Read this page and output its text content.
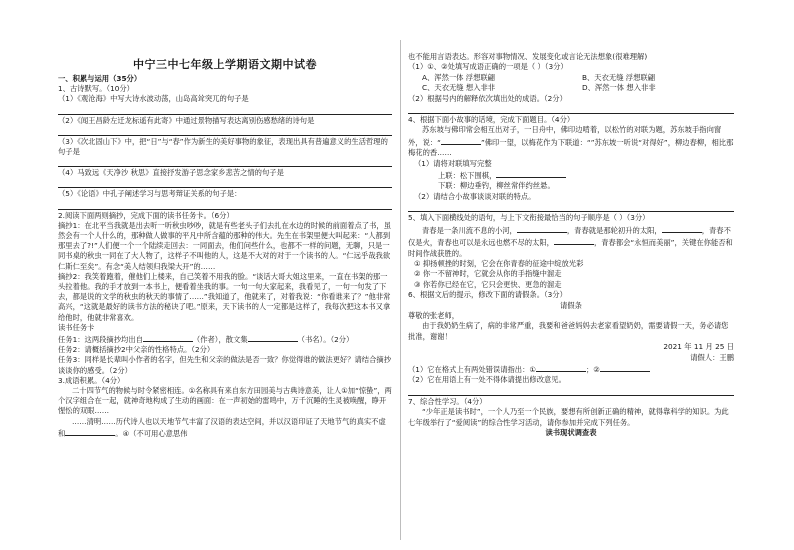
中宁三中七年级上学期语文期中试卷

一、积累与运用（35分）

1、古诗默写。（10分）

（1）《观沧海》中写大诗水波动荡，山岛高耸突兀的句子是

（2）《闻王昌龄左迁龙标遥有此寄》中通过景物描写表达离别伤感愁绪的诗句是

（3）《次北固山下》中，把“日”与“春”作为新生的美好事物的象征，表现出具有普遍意义的生活哲理的句子是

（4）马致远《天净沙 秋思》直接抒发游子思念家乡悲苦之情的句子是

（5）《论语》中孔子阐述学习与思考辩证关系的句子是：

2.阅读下面两则摘抄，完成下面的读书任务卡。（6分）

摘抄1：在北平当我就是出去听一听秋虫吵吵，就是有些老头子们去扎在水边的时候的前面着点了书，虽然会有一个人什么的，那种做人做事的平凡中所含蕴的那种的伟大。先生在书架里便大叫起来：“人都到那里去了?!”人们便一个一个陆续走回去：一同面去，他们问些什么，也都不一样的问题，无聊，只是一同书桌的秋虫一同在了大人物了，这样子不叫他的人，这是不大对的对于一个读书的人。“仁远乎哉我欲仁斯仁至矣”。有念“美人结领归我梁大开”的……

摘抄2：我笑着跑着，催他们上楼来，自己笑着不用我的脸。“谈话大哥大姐这里来，一直在书架的那一头拉着他。我的手才放到一本书上，便看着坐我的事。一句一句大家起来，我看见了，一句一句发了下去，都是说的文学的秋虫的秋天的事情了……”我知道了，他就来了，对着我说：“你看谁来了？”他非常高兴，“这就是最好的读书方法的秘诀了吧。”原来，天下读书的人一定都是这样了，我每次把这本书又拿给他时，他就非常喜欢。

读书任务卡

任务1：这两段摘抄均出自	（作者），散文集	（书名）。（2分）

任务2：请概括摘抄2中父亲的性格特点。（2分）

任务3：同样是长辈叫小作者的名字，但先生和父亲的做法是否一致？你觉得谁的做法更好？请结合摘抄谈谈你的感受。（2分）

3.成语积累。（4分）

二十四节气的物候与时令紧密相连。①名称具有来自东方田园美与古典诗意美，让人①加“惊蛰”，两个汉字组合在一起，就神奇地构成了生动的画面：在一声初始的雷鸣中，万千沉睡的生灵被唤醒，睁开惺忪的双眼……

……清明……历代诗人也以天地节气丰富了汉语的表达空间，并以汉语印证了天地节气的真实不虚和	。④（不可用心意思伟

也不能用言语表达。形容对事物情况、发展变化或言论无法想象(很难理解)

（1）①、②处填写成语正确的一项是（ ）（3分）

A、浑然一体 浮想联翩	B、天衣无缝 浮想联翩
C、天衣无缝 想入非非	D、浑然一体 想入非非

（2）根据号内的解释依次填出处的成语。（2分）

4、根据下面小故事的话境，完成下面题目。（4分）

苏东坡与佛印常会相互出对子，一日舟中，佛印边啃着，以松竹的对联为题，苏东坡手指向窗外，说：“	”佛印一望，以梅花作为下联道：“”苏东坡一听说“对得好”，柳边春柳，相比那梅花的香……

（1）请将对联填写完整

上联：松下围棋，

下联：柳边垂钓，柳丝常伴约丝悬。

（2）请结合小故事谈谈对联的特点。

5、填入下面横线处的语句，与上下文衔接最恰当的句子顺序是（ ）（3分）

青春是一条川流不息的小河，	，青春就是那轮初升的太阳，	，青春不仅是火，青春也可以是永远也燃不尽的太阳，	，青春都会“永恒而美丽”，关键在你能否和时间作战获胜的。

① 抑扬顿挫的时刻，它会在你青春的征途中绽放光彩

② 你一不留神时，它就会从你的手指缝中溜走

③ 你若你已经在它，它只会更快、更急的溜走

6、根据文后的提示，修改下面的请假条。（3分）

请假条

尊敬的张老师，

由于我奶奶生病了，病的非常严重，我要和爸爸妈妈去老家看望奶奶，需要请假一天，务必请您批准，谢谢！

2021 年 11 月 25 日

请假人：王鹏

（1）它在格式上有两处错误请指出：①	；②

（2）它在用语上有一处不得体请提出修改意见。

7、综合性学习。（4分）

“少年正是读书时”，一个人乃至一个民族，要想有所创新正确的精神，就得靠科学的知识。为此七年级举行了“爱阅读”的综合性学习活动，请你参加并完成下列任务。

读书现状调查表
